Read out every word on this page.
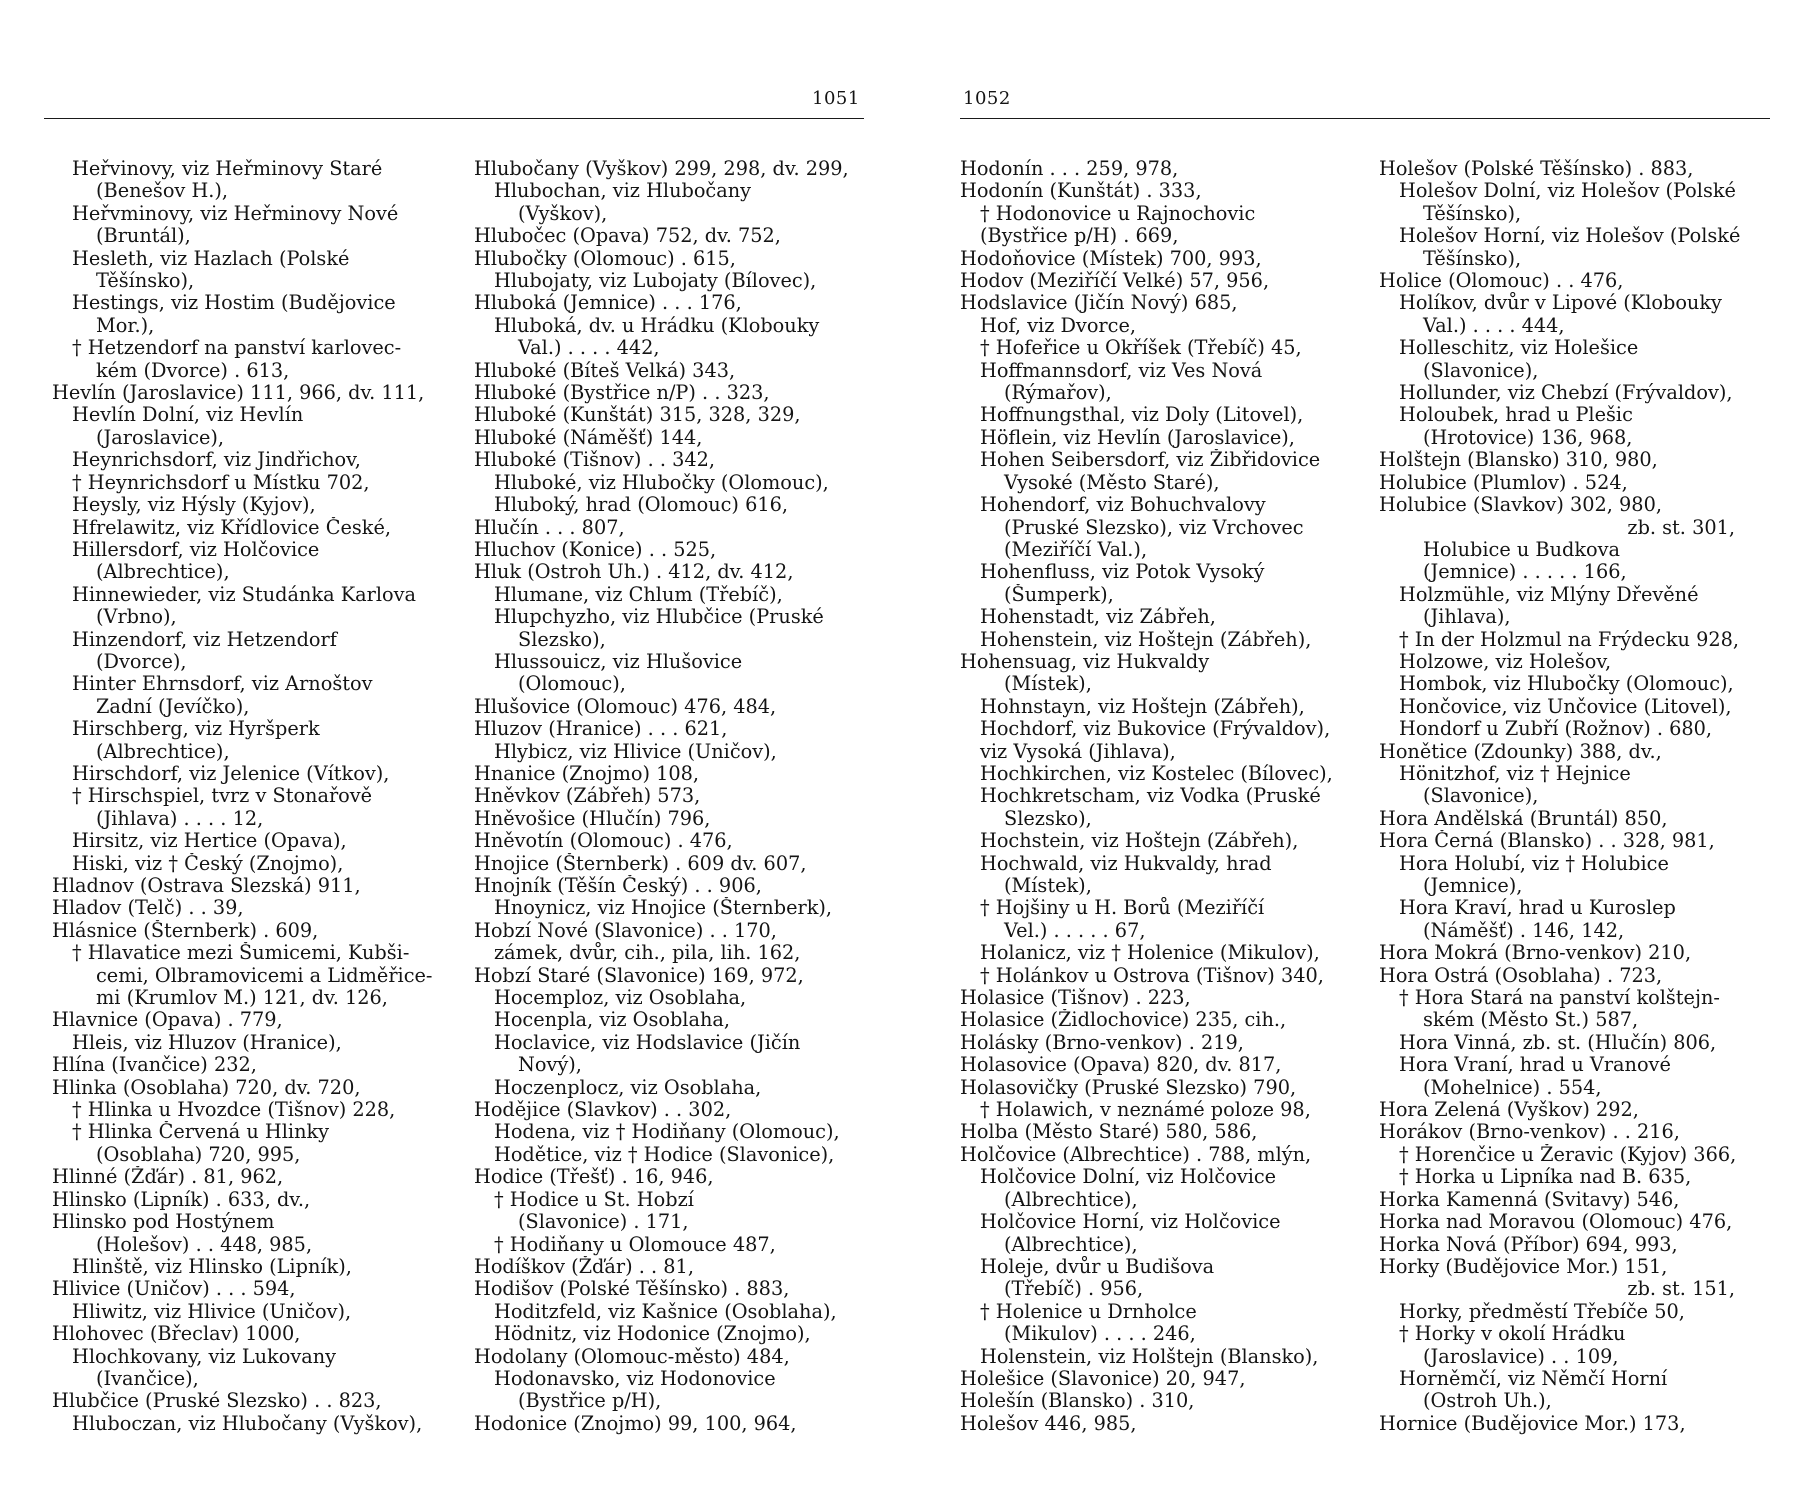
1051
Heřvinovy, viz Heřminovy Staré
(Benešov H.),
Heřvminovy, viz Heřminovy Nové
(Bruntál),
Hesleth, viz Hazlach (Polské
Těšínsko),
Hestings, viz Hostim (Budějovice
Mor.),
† Hetzendorf na panství karlovec-
kém (Dvorce) . 613,
Hevlín (Jaroslavice) 111, 966, dv. 111,
Hevlín Dolní, viz Hevlín
(Jaroslavice),
Heynrichsdorf, viz Jindřichov,
† Heynrichsdorf u Místku 702,
Heysly, viz Hýsly (Kyjov),
Hfrelawitz, viz Křídlovice České,
Hillersdorf, viz Holčovice
(Albrechtice),
Hinnewieder, viz Studánka Karlova
(Vrbno),
Hinzendorf, viz Hetzendorf
(Dvorce),
Hinter Ehrnsdorf, viz Arnoštov
Zadní (Jevíčko),
Hirschberg, viz Hyršperk
(Albrechtice),
Hirschdorf, viz Jelenice (Vítkov),
† Hirschspiel, tvrz v Stonařově
(Jihlava) . . . . 12,
Hirsitz, viz Hertice (Opava),
Hiski, viz † Český (Znojmo),
Hladnov (Ostrava Slezská) 911,
Hladov (Telč) . . 39,
Hlásnice (Šternberk) . 609,
† Hlavatice mezi Šumicemi, Kubši-
cemi, Olbramovicemi a Lidměřice-
mi (Krumlov M.) 121, dv. 126,
Hlavnice (Opava) . 779,
Hleis, viz Hluzov (Hranice),
Hlína (Ivančice) 232,
Hlinka (Osoblaha) 720, dv. 720,
† Hlinka u Hvozdce (Tišnov) 228,
† Hlinka Červená u Hlinky
(Osoblaha) 720, 995,
Hlinné (Žďár) . 81, 962,
Hlinsko (Lipník) . 633, dv.,
Hlinsko pod Hostýnem
(Holešov) . . 448, 985,
Hlinště, viz Hlinsko (Lipník),
Hlivice (Uničov) . . . 594,
Hliwitz, viz Hlivice (Uničov),
Hlohovec (Břeclav) 1000,
Hlochkovany, viz Lukovany
(Ivančice),
Hlubčice (Pruské Slezsko) . . 823,
Hluboczan, viz Hlubočany (Vyškov),
Hlubočany (Vyškov) 299, 298, dv. 299,
Hlubochan, viz Hlubočany
(Vyškov),
Hlubočec (Opava) 752, dv. 752,
Hlubočky (Olomouc) . 615,
Hlubojaty, viz Lubojaty (Bílovec),
Hluboká (Jemnice) . . . 176,
Hluboká, dv. u Hrádku (Klobouky
Val.) . . . . 442,
Hluboké (Bítеš Velká) 343,
Hluboké (Bystřice n/P) . . 323,
Hluboké (Kunštát) 315, 328, 329,
Hluboké (Náměšť) 144,
Hluboké (Tišnov) . . 342,
Hluboké, viz Hlubočky (Olomouc),
Hluboký, hrad (Olomouc) 616,
Hlučín . . . 807,
Hluchov (Konice) . . 525,
Hluk (Ostroh Uh.) . 412, dv. 412,
Hlumane, viz Chlum (Třebíč),
Hlupchyzho, viz Hlubčice (Pruské
Slezsko),
Hlussouicz, viz Hlušovice
(Olomouc),
Hlušovice (Olomouc) 476, 484,
Hluzov (Hranice) . . . 621,
Hlybicz, viz Hlivice (Uničov),
Hnanice (Znojmo) 108,
Hněvkov (Zábřeh) 573,
Hněvošice (Hlučín) 796,
Hněvotín (Olomouc) . 476,
Hnojice (Šternberk) . 609 dv. 607,
Hnojník (Těšín Český) . . 906,
Hnoynicz, viz Hnojice (Šternberk),
Hobzí Nové (Slavonice) . . 170,
zámek, dvůr, cih., pila, lih. 162,
Hobzí Staré (Slavonice) 169, 972,
Hocemploz, viz Osoblaha,
Hocenpla, viz Osoblaha,
Hoclavice, viz Hodslavice (Jičín
Nový),
Hoczenplocz, viz Osoblaha,
Hodějice (Slavkov) . . 302,
Hodena, viz † Hodiňany (Olomouc),
Hodětice, viz † Hodice (Slavonice),
Hodice (Třešť) . 16, 946,
† Hodice u St. Hobzí
(Slavonice) . 171,
† Hodiňany u Olomouce 487,
Hodíškov (Žďár) . . 81,
Hodišov (Polské Těšínsko) . 883,
Hoditzfeld, viz Kašnice (Osoblaha),
Hödnitz, viz Hodonice (Znojmo),
Hodolany (Olomouc-město) 484,
Hodonavsko, viz Hodonovice
(Bystřice p/H),
Hodonice (Znojmo) 99, 100, 964,
1052
Hodonín . . . 259, 978,
Hodonín (Kunštát) . 333,
† Hodonovice u Rajnochovic
(Bystřice p/H) . 669,
Hodoňovice (Místek) 700, 993,
Hodov (Meziříčí Velké) 57, 956,
Hodslavice (Jičín Nový) 685,
Hof, viz Dvorce,
† Hofeřice u Okříšek (Třebíč) 45,
Hoffmannsdorf, viz Ves Nová
(Rýmařov),
Hoffnungsthal, viz Doly (Litovel),
Höflein, viz Hevlín (Jaroslavice),
Hohen Seibersdorf, viz Žibřidovice
Vysoké (Město Staré),
Hohendorf, viz Bohuchvalovy
(Pruské Slezsko), viz Vrchovec
(Meziříčí Val.),
Hohenfluss, viz Potok Vysoký
(Šumperk),
Hohenstadt, viz Zábřeh,
Hohenstein, viz Hoštejn (Zábřeh),
Hohensuag, viz Hukvaldy
(Místek),
Hohnstayn, viz Hoštejn (Zábřeh),
Hochdorf, viz Bukovice (Frývaldov),
viz Vysoká (Jihlava),
Hochkirchen, viz Kostelec (Bílovec),
Hochkretscham, viz Vodka (Pruské
Slezsko),
Hochstein, viz Hoštejn (Zábřeh),
Hochwald, viz Hukvaldy, hrad
(Místek),
† Hojšiny u H. Borů (Meziříčí
Vel.) . . . . . 67,
Holanicz, viz † Holenice (Mikulov),
† Holánkov u Ostrova (Tišnov) 340,
Holasice (Tišnov) . 223,
Holasice (Židlochovice) 235, cih.,
Holásky (Brno-venkov) . 219,
Holasovice (Opava) 820, dv. 817,
Holasovičky (Pruské Slezsko) 790,
† Holawich, v neznámé poloze 98,
Holba (Město Staré) 580, 586,
Holčovice (Albrechtice) . 788, mlýn,
Holčovice Dolní, viz Holčovice
(Albrechtice),
Holčovice Horní, viz Holčovice
(Albrechtice),
Holeje, dvůr u Budišova
(Třebíč) . 956,
† Holenice u Drnholce
(Mikulov) . . . . 246,
Holenstein, viz Holštejn (Blansko),
Holešice (Slavonice) 20, 947,
Holešín (Blansko) . 310,
Holešov 446, 985,
Holešov (Polské Těšínsko) . 883,
Holešov Dolní, viz Holešov (Polské
Těšínsko),
Holešov Horní, viz Holešov (Polské
Těšínsko),
Holice (Olomouc) . . 476,
Holíkov, dvůr v Lipové (Klobouky
Val.) . . . . 444,
Holleschitz, viz Holešice
(Slavonice),
Hollunder, viz Chebzí (Frývaldov),
Holoubek, hrad u Plešic
(Hrotovice) 136, 968,
Holštejn (Blansko) 310, 980,
Holubice (Plumlov) . 524,
Holubice (Slavkov) 302, 980,
zb. st. 301,
Holubice u Budkova
(Jemnice) . . . . . 166,
Holzmühle, viz Mlýny Dřevěné
(Jihlava),
† In der Holzmul na Frýdecku 928,
Holzowe, viz Holešov,
Hombok, viz Hlubočky (Olomouc),
Hončovice, viz Unčovice (Litovel),
Hondorf u Zubří (Rožnov) . 680,
Honětice (Zdounky) 388, dv.,
Hönitzhof, viz † Hejnice
(Slavonice),
Hora Andělská (Bruntál) 850,
Hora Černá (Blansko) . . 328, 981,
Hora Holubí, viz † Holubice
(Jemnice),
Hora Kraví, hrad u Kuroslep
(Náměšť) . 146, 142,
Hora Mokrá (Brno-venkov) 210,
Hora Ostrá (Osoblaha) . 723,
† Hora Stará na panství kolštejn-
ském (Město St.) 587,
Hora Vinná, zb. st. (Hlučín) 806,
Hora Vraní, hrad u Vranové
(Mohelnice) . 554,
Hora Zelená (Vyškov) 292,
Horákov (Brno-venkov) . . 216,
† Horenčice u Žeravic (Kyjov) 366,
† Horka u Lipníka nad B. 635,
Horka Kamenná (Svitavy) 546,
Horka nad Moravou (Olomouc) 476,
Horka Nová (Příbor) 694, 993,
Horky (Budějovice Mor.) 151,
zb. st. 151,
Horky, předměstí Třebíče 50,
† Horky v okolí Hrádku
(Jaroslavice) . . 109,
Horněmčí, viz Němčí Horní
(Ostroh Uh.),
Hornice (Budějovice Mor.) 173,
